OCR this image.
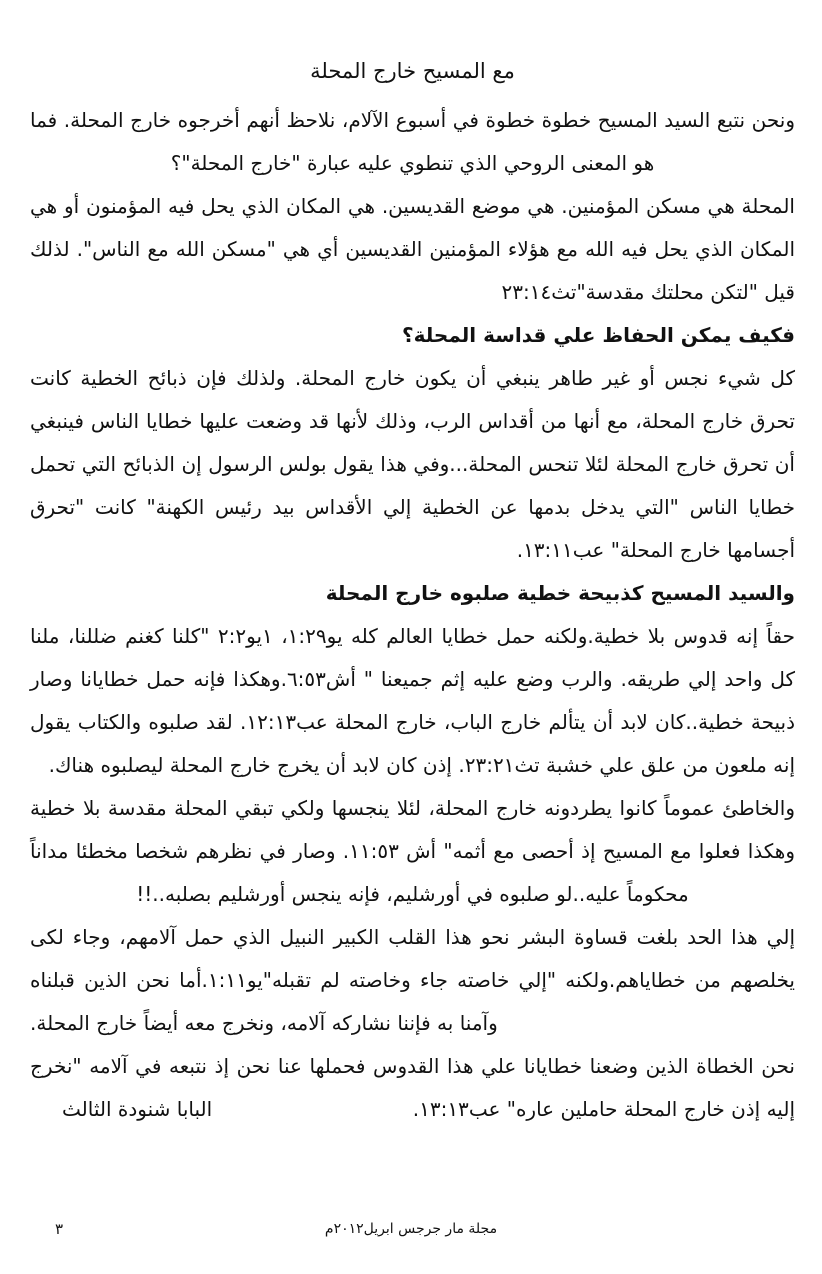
مع المسيح خارج المحلة

ونحن نتبع السيد المسيح خطوة خطوة في أسبوع الآلام، نلاحظ أنهم أخرجوه خارج المحلة. فما هو المعنى الروحي الذي تنطوي عليه عبارة "خارج المحلة"؟

المحلة هي مسكن المؤمنين. هي موضع القديسين. هي المكان الذي يحل فيه المؤمنون أو هي المكان الذي يحل فيه الله مع هؤلاء المؤمنين القديسين أي هي "مسكن الله مع الناس". لذلك قيل "لتكن محلتك مقدسة"تث٢٣:١٤

فكيف يمكن الحفاظ علي قداسة المحلة؟

كل شيء نجس أو غير طاهر ينبغي أن يكون خارج المحلة. ولذلك فإن ذبائح الخطية كانت تحرق خارج المحلة، مع أنها من أقداس الرب، وذلك لأنها قد وضعت عليها خطايا الناس فينبغي أن تحرق خارج المحلة لئلا تنحس المحلة...وفي هذا يقول بولس الرسول إن الذبائح التي تحمل خطايا الناس "التي يدخل بدمها عن الخطية إلي الأقداس بيد رئيس الكهنة" كانت "تحرق أجسامها خارج المحلة" عب١٣:١١.

والسيد المسيح كذبيحة خطية صلبوه خارج المحلة

حقاً إنه قدوس بلا خطية.ولكنه حمل خطايا العالم كله يو١:٢٩، ١يو٢:٢ "كلنا كغنم ضللنا، ملنا كل واحد إلي طريقه. والرب وضع عليه إثم جميعنا " أش٦:٥٣.وهكذا فإنه حمل خطايانا وصار ذبيحة خطية..كان لابد أن يتألم خارج الباب، خارج المحلة عب١٢:١٣. لقد صلبوه والكتاب يقول إنه ملعون من علق علي خشبة تث٢٣:٢١. إذن كان لابد أن يخرج خارج المحلة ليصلبوه هناك.

والخاطئ عموماً كانوا يطردونه خارج المحلة، لئلا ينجسها ولكي تبقي المحلة مقدسة بلا خطية وهكذا فعلوا مع المسيح إذ أحصى مع أثمه" أش ١١:٥٣. وصار في نظرهم شخصا مخطئا مداناً محكوماً عليه..لو صلبوه في أورشليم، فإنه ينجس أورشليم بصلبه..!!

إلي هذا الحد بلغت قساوة البشر نحو هذا القلب الكبير النبيل الذي حمل آلامهم، وجاء لكى يخلصهم من خطاياهم.ولكنه "إلي خاصته جاء وخاصته لم تقبله"يو١:١١.أما نحن الذين قبلناه وآمنا به فإننا نشاركه آلامه، ونخرج معه أيضاً خارج المحلة.

نحن الخطاة الذين وضعنا خطايانا علي هذا القدوس فحملها عنا نحن إذ نتبعه في آلامه "نخرج إليه إذن خارج المحلة حاملين عاره" عب١٣:١٣.

البابا شنودة الثالث
مجلة مار جرجس ابريل٢٠١٢م
٣
